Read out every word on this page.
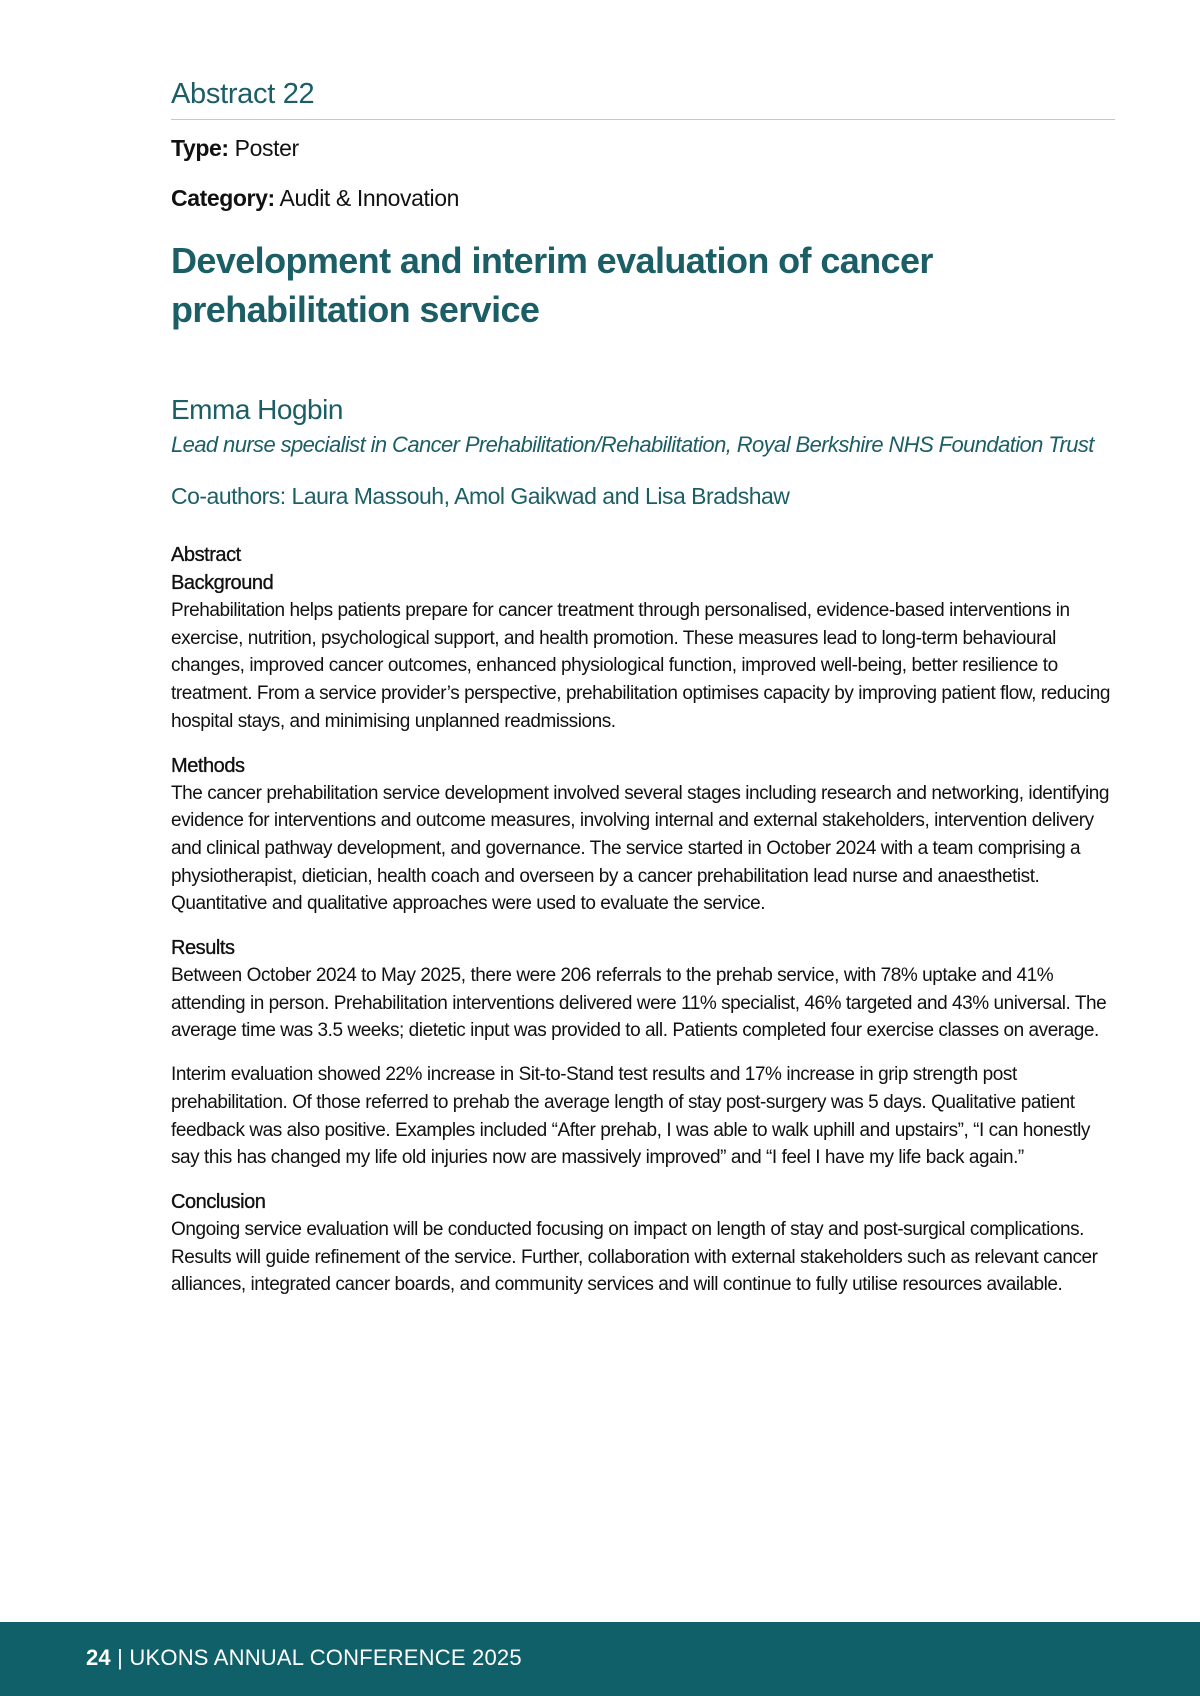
Abstract 22
Type: Poster
Category: Audit & Innovation
Development and interim evaluation of cancer prehabilitation service
Emma Hogbin
Lead nurse specialist in Cancer Prehabilitation/Rehabilitation, Royal Berkshire NHS Foundation Trust
Co-authors: Laura Massouh, Amol Gaikwad and Lisa Bradshaw
Abstract
Background

Prehabilitation helps patients prepare for cancer treatment through personalised, evidence-based interventions in exercise, nutrition, psychological support, and health promotion. These measures lead to long-term behavioural changes, improved cancer outcomes, enhanced physiological function, improved well-being, better resilience to treatment. From a service provider’s perspective, prehabilitation optimises capacity by improving patient flow, reducing hospital stays, and minimising unplanned readmissions.

Methods

The cancer prehabilitation service development involved several stages including research and networking, identifying evidence for interventions and outcome measures, involving internal and external stakeholders, intervention delivery and clinical pathway development, and governance. The service started in October 2024 with a team comprising a physiotherapist, dietician, health coach and overseen by a cancer prehabilitation lead nurse and anaesthetist. Quantitative and qualitative approaches were used to evaluate the service.

Results

Between October 2024 to May 2025, there were 206 referrals to the prehab service, with 78% uptake and 41% attending in person. Prehabilitation interventions delivered were 11% specialist, 46% targeted and 43% universal. The average time was 3.5 weeks; dietetic input was provided to all. Patients completed four exercise classes on average.

Interim evaluation showed 22% increase in Sit-to-Stand test results and 17% increase in grip strength post prehabilitation. Of those referred to prehab the average length of stay post-surgery was 5 days. Qualitative patient feedback was also positive. Examples included “After prehab, I was able to walk uphill and upstairs”, “I can honestly say this has changed my life old injuries now are massively improved” and “I feel I have my life back again.”

Conclusion

Ongoing service evaluation will be conducted focusing on impact on length of stay and post-surgical complications. Results will guide refinement of the service. Further, collaboration with external stakeholders such as relevant cancer alliances, integrated cancer boards, and community services and will continue to fully utilise resources available.

24 | UKONS ANNUAL CONFERENCE 2025
